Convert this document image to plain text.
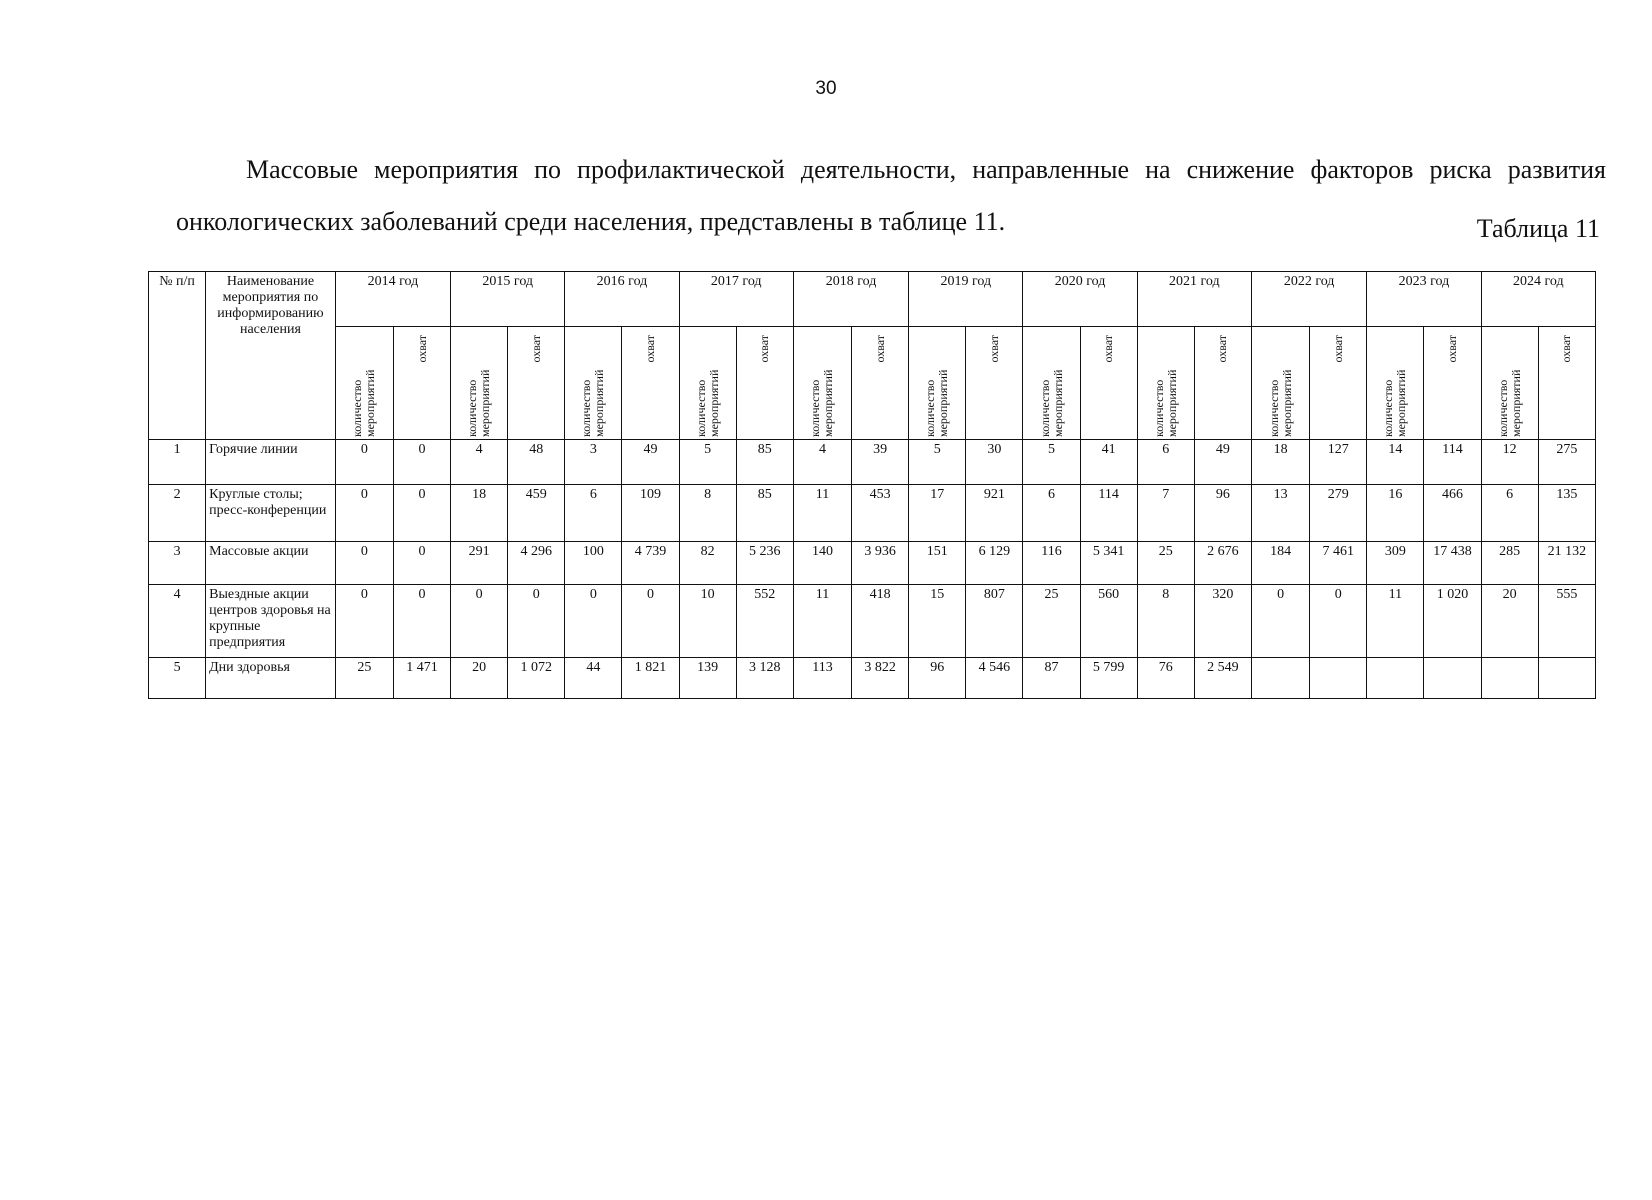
30

Массовые мероприятия по профилактической деятельности, направленные на снижение факторов риска развития онкологических заболеваний среди населения, представлены в таблице 11.	Таблица 11
№ п/п	Наименование мероприятия по информированию населения	2014 год		2015 год		2016 год		2017 год		2018 год		2019 год		2020 год		2021 год		2022 год		2023 год		2024 год	

		количество мероприятий	охват	количество мероприятий	охват	количество мероприятий	охват	количество мероприятий	охват	количество мероприятий	охват	количество мероприятий	охват	количество мероприятий	охват	количество мероприятий	охват	количество мероприятий	охват	количество мероприятий	охват	количество мероприятий	охват

1	Горячие линии	0	0	4	48	3	49	5	85	4	39	5	30	5	41	6	49	18	127	14	114	12	275
2	Круглые столы; пресс-конференции	0	0	18	459	6	109	8	85	11	453	17	921	6	114	7	96	13	279	16	466	6	135
3	Массовые акции	0	0	291	4 296	100	4 739	82	5 236	140	3 936	151	6 129	116	5 341	25	2 676	184	7 461	309	17 438	285	21 132
4	Выездные акции центров здоровья на крупные предприятия	0	0	0	0	0	0	10	552	11	418	15	807	25	560	8	320	0	0	11	1 020	20	555
5	Дни здоровья	25	1 471	20	1 072	44	1 821	139	3 128	113	3 822	96	4 546	87	5 799	76	2 549						
